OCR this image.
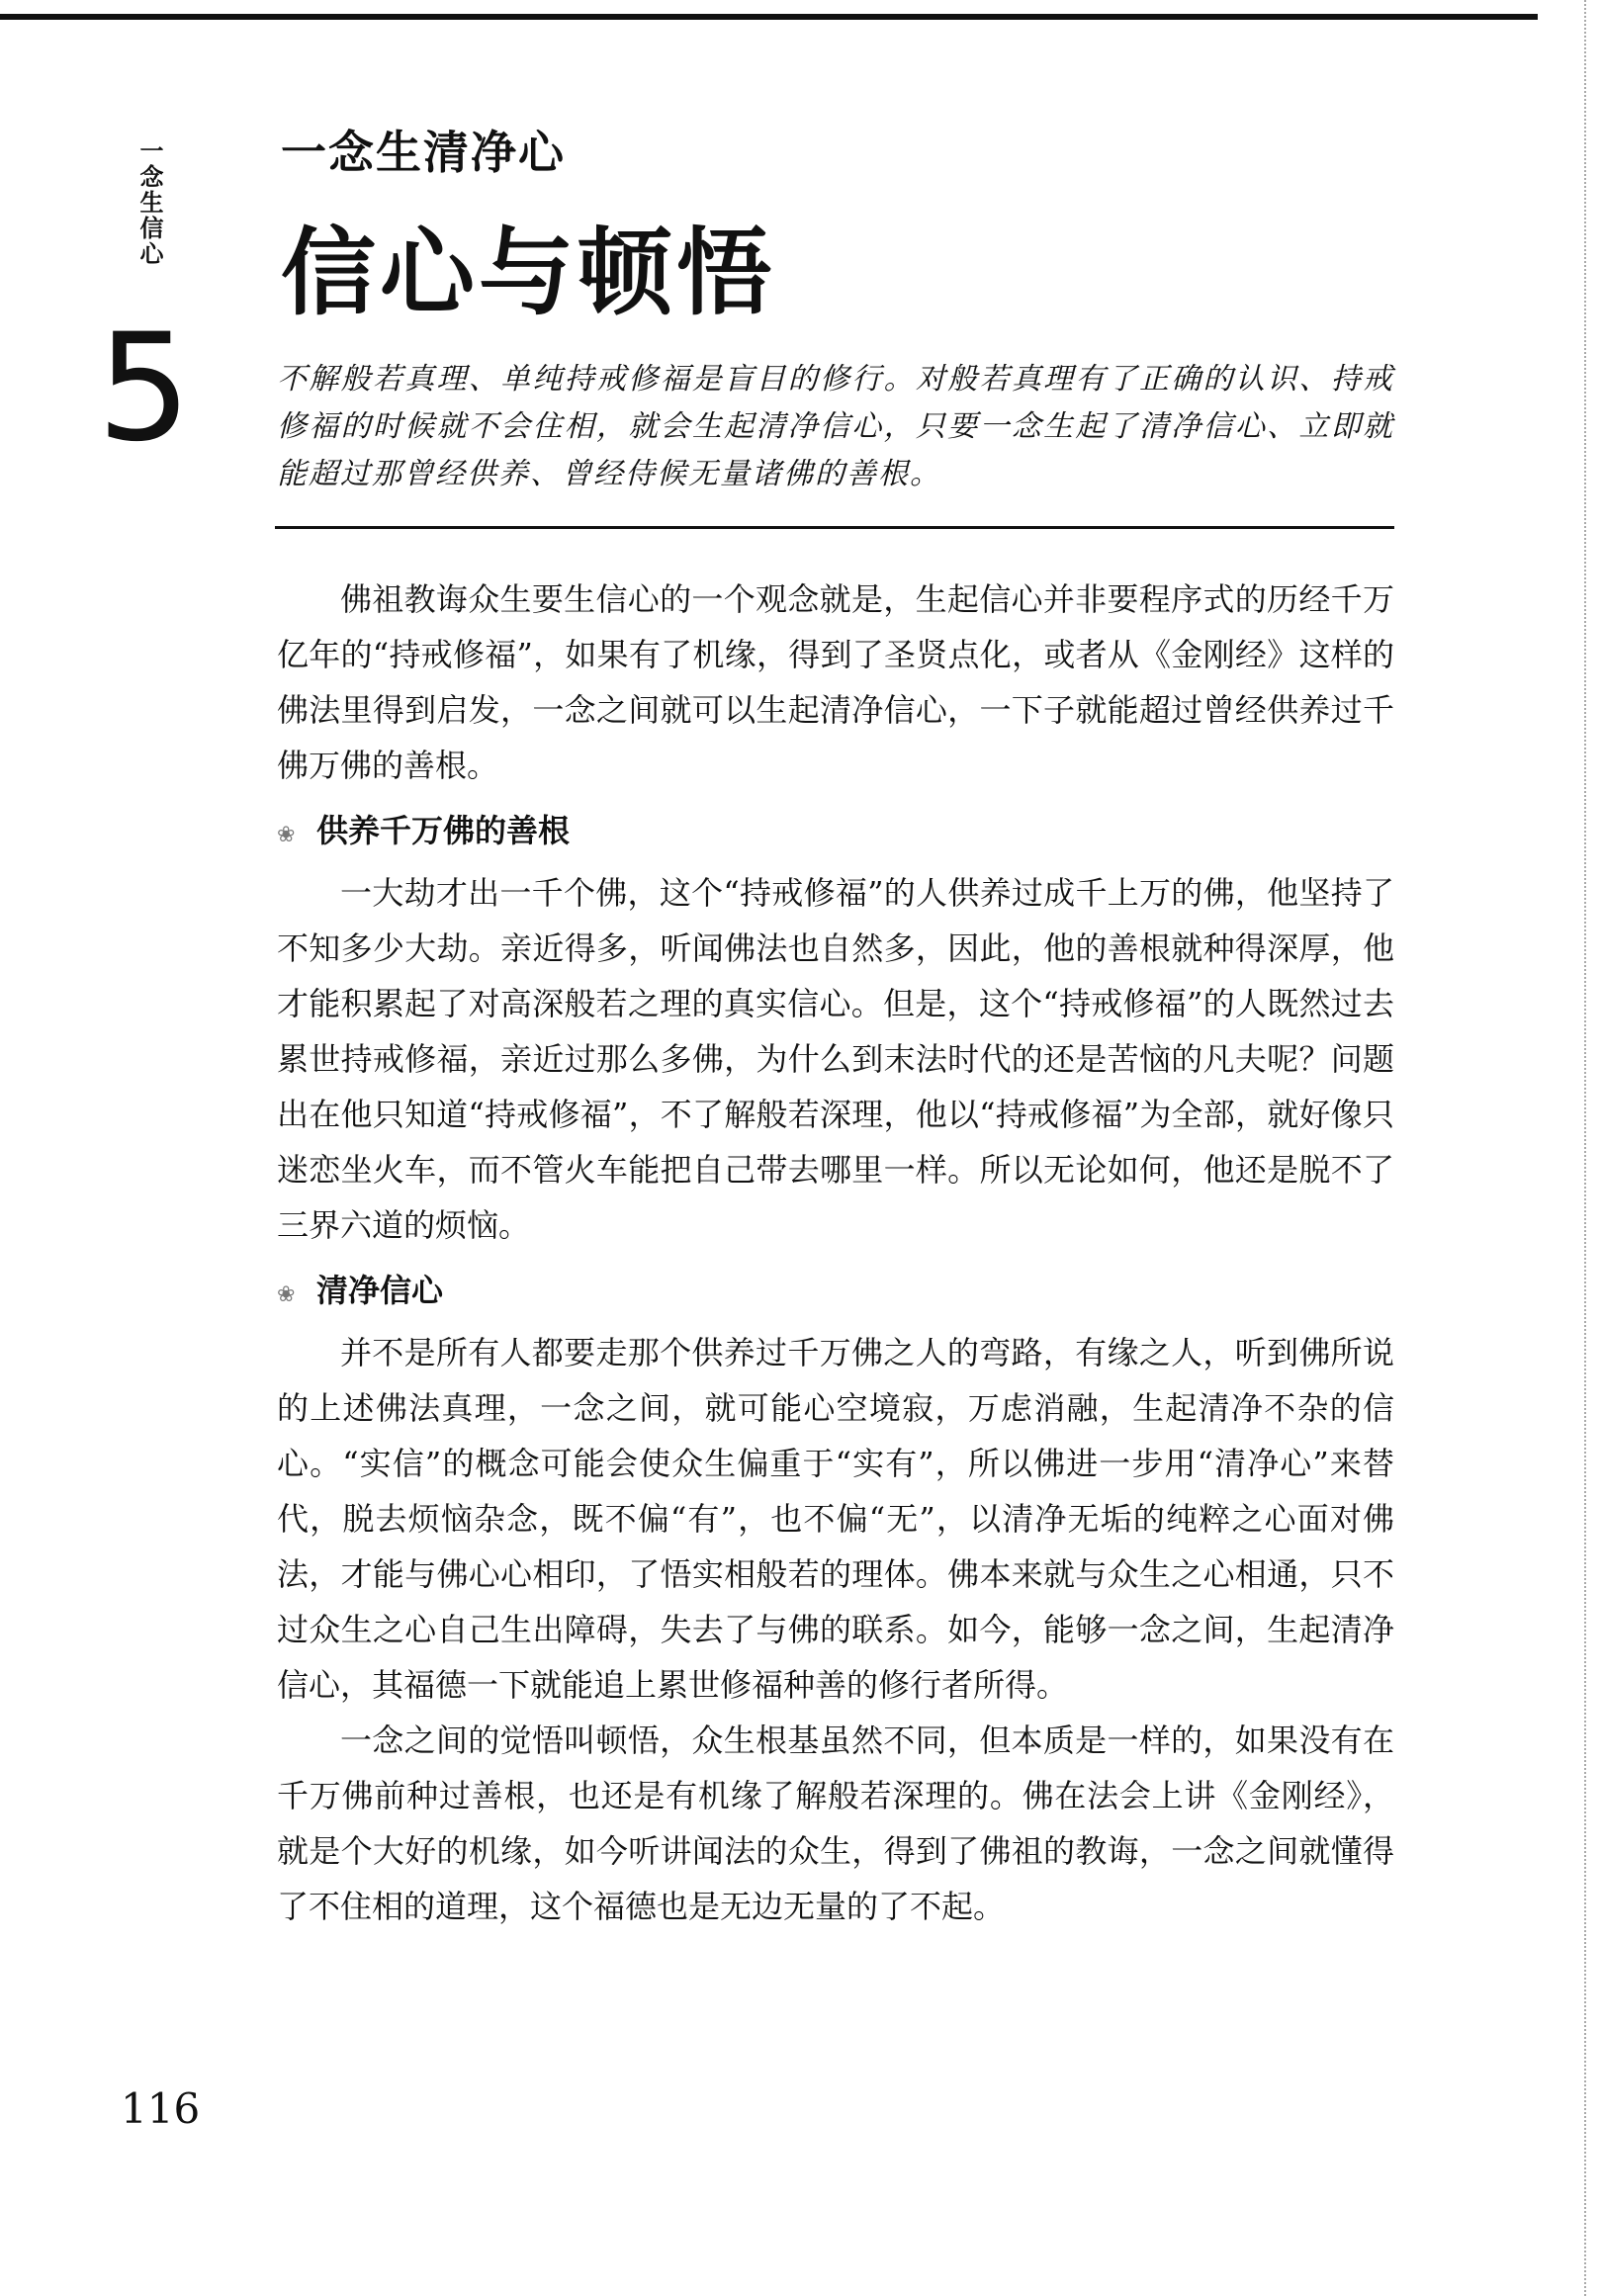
一念生信心
5
一念生清净心
信心与顿悟
不解般若真理、单纯持戒修福是盲目的修行。对般若真理有了正确的认识、持戒修福的时候就不会住相，就会生起清净信心，只要一念生起了清净信心、立即就能超过那曾经供养、曾经侍候无量诸佛的善根。

佛祖教诲众生要生信心的一个观念就是，生起信心并非要程序式的历经千万亿年的“持戒修福”，如果有了机缘，得到了圣贤点化，或者从《金刚经》这样的佛法里得到启发，一念之间就可以生起清净信心，一下子就能超过曾经供养过千佛万佛的善根。

❀ 供养千万佛的善根

一大劫才出一千个佛，这个“持戒修福”的人供养过成千上万的佛，他坚持了不知多少大劫。亲近得多，听闻佛法也自然多，因此，他的善根就种得深厚，他才能积累起了对高深般若之理的真实信心。但是，这个“持戒修福”的人既然过去累世持戒修福，亲近过那么多佛，为什么到末法时代的还是苦恼的凡夫呢？问题出在他只知道“持戒修福”，不了解般若深理，他以“持戒修福”为全部，就好像只迷恋坐火车，而不管火车能把自己带去哪里一样。所以无论如何，他还是脱不了三界六道的烦恼。

❀ 清净信心

并不是所有人都要走那个供养过千万佛之人的弯路，有缘之人，听到佛所说的上述佛法真理，一念之间，就可能心空境寂，万虑消融，生起清净不杂的信心。“实信”的概念可能会使众生偏重于“实有”，所以佛进一步用“清净心”来替代，脱去烦恼杂念，既不偏“有”，也不偏“无”，以清净无垢的纯粹之心面对佛法，才能与佛心心相印，了悟实相般若的理体。佛本来就与众生之心相通，只不过众生之心自己生出障碍，失去了与佛的联系。如今，能够一念之间，生起清净信心，其福德一下就能追上累世修福种善的修行者所得。

一念之间的觉悟叫顿悟，众生根基虽然不同，但本质是一样的，如果没有在千万佛前种过善根，也还是有机缘了解般若深理的。佛在法会上讲《金刚经》，就是个大好的机缘，如今听讲闻法的众生，得到了佛祖的教诲，一念之间就懂得了不住相的道理，这个福德也是无边无量的了不起。

116
